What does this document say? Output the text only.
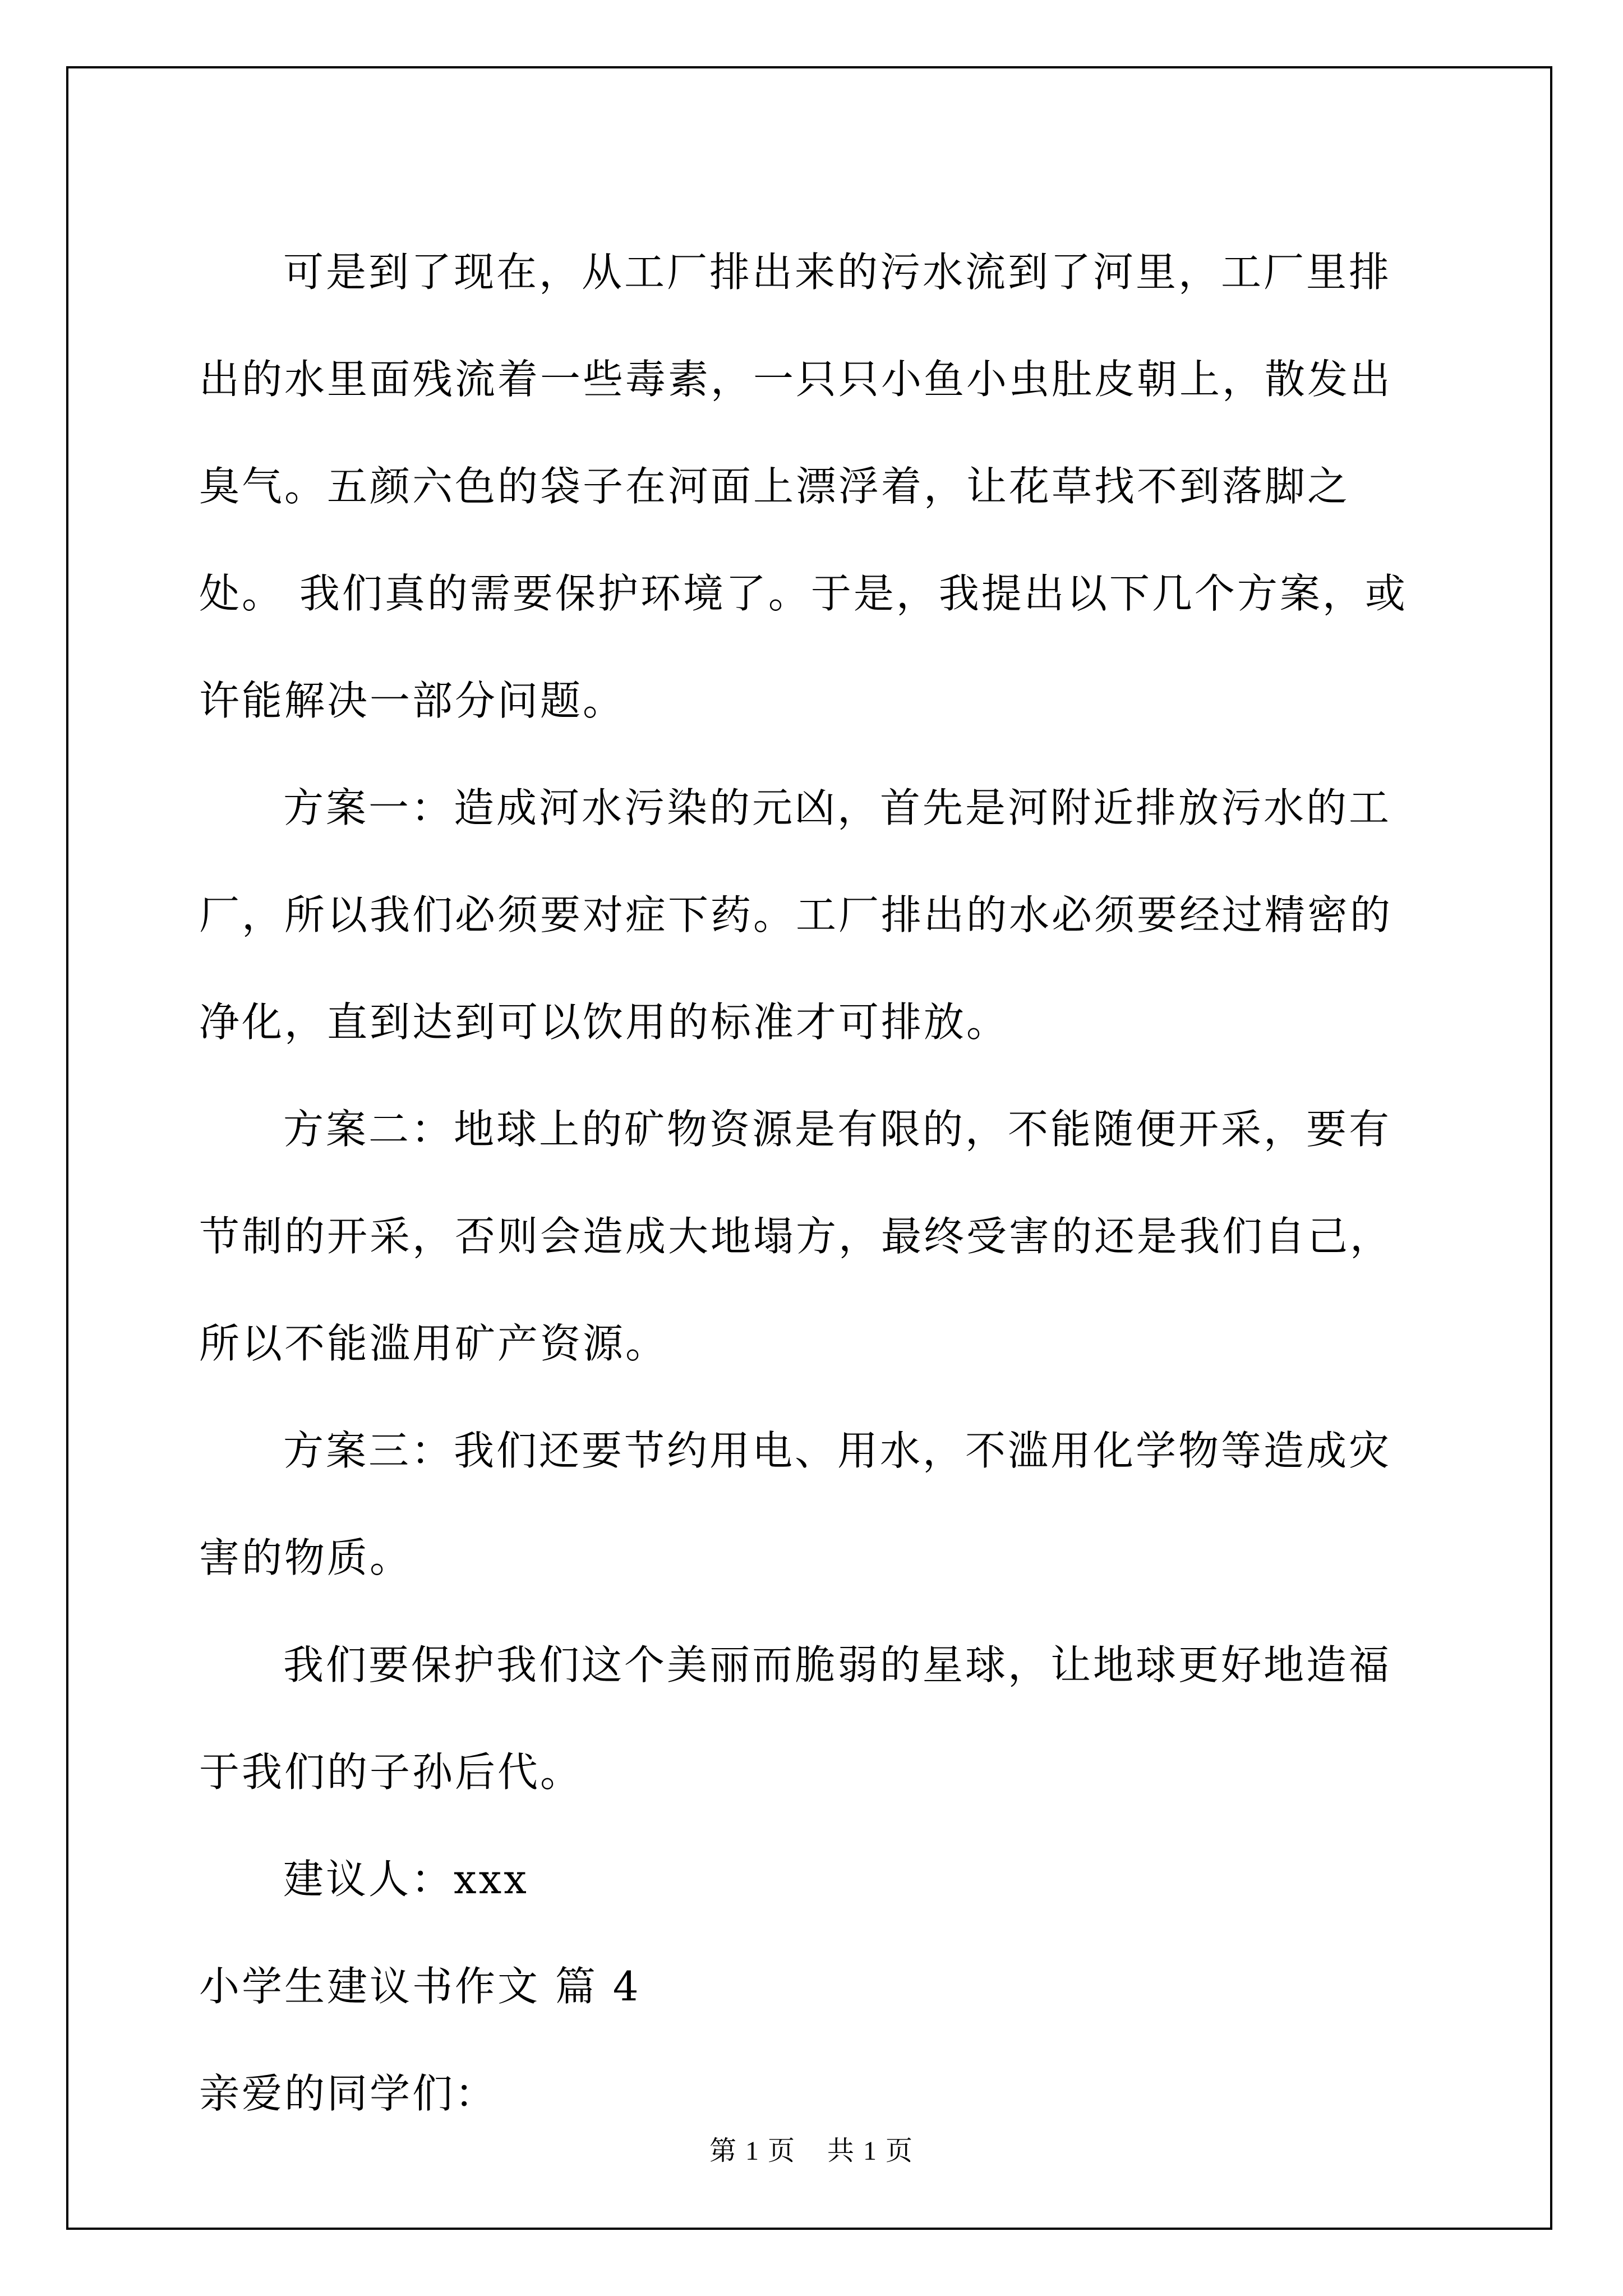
可是到了现在，从工厂排出来的污水流到了河里，工厂里排出的水里面残流着一些毒素，一只只小鱼小虫肚皮朝上，散发出臭气。五颜六色的袋子在河面上漂浮着，让花草找不到落脚之处。 我们真的需要保护环境了。于是，我提出以下几个方案，或许能解决一部分问题。

方案一：造成河水污染的元凶，首先是河附近排放污水的工厂，所以我们必须要对症下药。工厂排出的水必须要经过精密的净化，直到达到可以饮用的标准才可排放。

方案二：地球上的矿物资源是有限的，不能随便开采，要有节制的开采，否则会造成大地塌方，最终受害的还是我们自己，所以不能滥用矿产资源。

方案三：我们还要节约用电、用水，不滥用化学物等造成灾害的物质。

我们要保护我们这个美丽而脆弱的星球，让地球更好地造福于我们的子孙后代。

建议人：xxx

小学生建议书作文 篇 4

亲爱的同学们：

第 1 页 共 1 页
